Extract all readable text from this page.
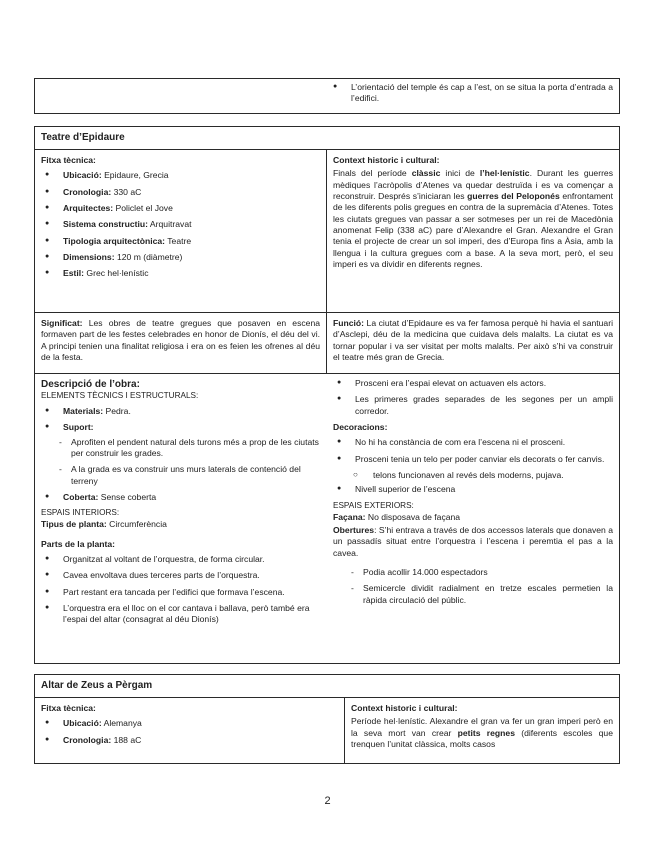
● L’orientació del temple és cap a l’est, on se situa la porta d’entrada a l’edifici.
Teatre d’Epidaure
Fitxa tècnica:
● Ubicació: Epidaure, Grecia
● Cronologia: 330 aC
● Arquitectes: Policlet el Jove
● Sistema constructiu: Arquitravat
● Tipologia arquitectònica: Teatre
● Dimensions: 120 m (diàmetre)
● Estil: Grec hel·lenístic
Context historic i cultural:
Finals del període clàssic inici de l’hel·lenístic. Durant les guerres mèdiques l’acròpolis d’Atenes va quedar destruïda i es va començar a reconstruir. Després s’iniciaran les guerres del Peloponés enfrontament de les diferents polis gregues en contra de la supremàcia d’Atenes. Totes les ciutats gregues van passar a ser sotmeses per un rei de Macedònia anomenat Felip (338 aC) pare d’Alexandre el Gran. Alexandre el Gran tenia el projecte de crear un sol imperi, des d’Europa fins a Àsia, amb la llengua i la cultura gregues com a base. A la seva mort, però, el seu imperi es va dividir en diferents regnes.
Significat: Les obres de teatre gregues que posaven en escena formaven part de les festes celebrades en honor de Dionís, el déu del vi. A principi tenien una finalitat religiosa i era on es feien les ofrenes al déu de la festa.
Funció: La ciutat d’Epidaure es va fer famosa perquè hi havia el santuari d’Asclepi, déu de la medicina que cuidava dels malalts. La ciutat es va tornar popular i va ser visitat per molts malalts. Per això s’hi va construir el teatre més gran de Grecia.
Descripció de l’obra:
ELEMENTS TÈCNICS I ESTRUCTURALS:
● Materials: Pedra.
● Suport:
- Aprofiten el pendent natural dels turons més a prop de les ciutats per construir les grades.
- A la grada es va construir uns murs laterals de contenció del terreny
● Coberta: Sense coberta
ESPAIS INTERIORS:
Tipus de planta: Circumferència
Parts de la planta:
● Organitzat al voltant de l’orquestra, de forma circular.
● Cavea envoltava dues terceres parts de l’orquestra.
● Part restant era tancada per l’edifici que formava l’escena.
● L’orquestra era el lloc on el cor cantava i ballava, però també era l’espai del altar (consagrat al déu Dionís)
● Prosceni era l’espai elevat on actuaven els actors.
● Les primeres grades separades de les segones per un ampli corredor.
Decoracions:
● No hi ha constància de com era l’escena ni el prosceni.
● Prosceni tenia un telo per poder canviar els decorats o fer canvis.
○ telons funcionaven al revés dels moderns, pujava.
● Nivell superior de l’escena
ESPAIS EXTERIORS:
Façana: No disposava de façana
Obertures: S’hi entrava a través de dos accessos laterals que donaven a un passadís situat entre l’orquestra i l’escena i peremtia el pas a la cavea.
- Podia acollir 14.000 espectadors
- Semicercle dividit radialment en tretze escales permetien la ràpida circulació del públic.
Altar de Zeus a Pèrgam
Fitxa tècnica:
● Ubicació: Alemanya
● Cronologia: 188 aC
Context historic i cultural:
Període hel·lenístic. Alexandre el gran va fer un gran imperi però en la seva mort van crear petits regnes (diferents escoles que trenquen l’unitat clàssica, molts casos
2
